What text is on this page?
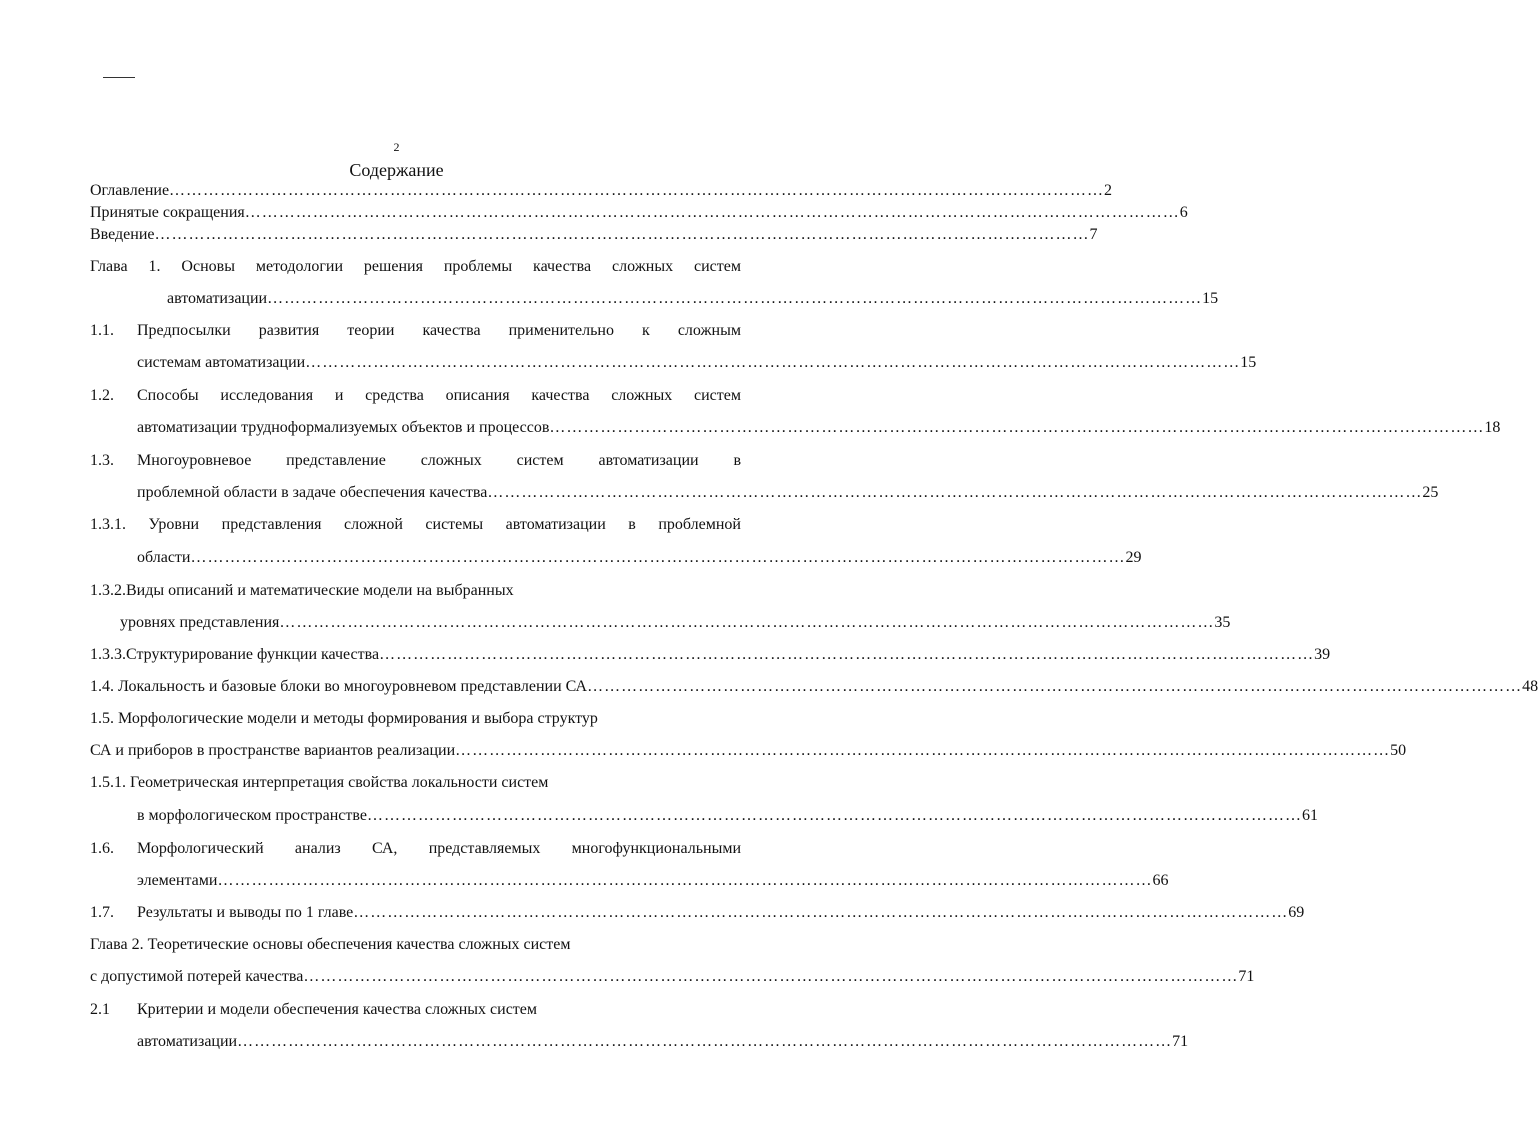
2
Содержание
Оглавление …………………………………………………………………………………………………………………………………………………	2
Принятые сокращения …………………………………………………………………………………………………………………………………………………	6
Введение …………………………………………………………………………………………………………………………………………………	7
Глава 1. Основы методологии решения проблемы качества сложных систем
автоматизации …………………………………………………………………………………………………………………………………………………	15
1.1.	Предпосылки развития теории качества применительно к сложным
системам автоматизации …………………………………………………………………………………………………………………………………………………	15
1.2.	Способы исследования и средства описания качества сложных систем
автоматизации трудноформализуемых объектов и процессов …………………………………………………………………………………………………………………………………………………	18
1.3.	Многоуровневое представление сложных систем автоматизации в
проблемной области в задаче обеспечения качества …………………………………………………………………………………………………………………………………………………	25
1.3.1. Уровни представления сложной системы автоматизации в проблемной
области …………………………………………………………………………………………………………………………………………………	29
1.3.2.Виды описаний и математические модели на выбранных
уровнях представления …………………………………………………………………………………………………………………………………………………	35
1.3.3.Структурирование функции качества …………………………………………………………………………………………………………………………………………………	39
1.4. Локальность и базовые блоки во многоуровневом представлении СА …………………………………………………………………………………………………………………………………………………	48
1.5. Морфологические модели и методы формирования и выбора структур
СА и приборов в пространстве вариантов реализации …………………………………………………………………………………………………………………………………………………	50
1.5.1. Геометрическая интерпретация свойства локальности систем
в морфологическом пространстве …………………………………………………………………………………………………………………………………………………	61
1.6.	Морфологический анализ СА, представляемых многофункциональными
элементами …………………………………………………………………………………………………………………………………………………	66
1.7.	Результаты и выводы по 1 главе …………………………………………………………………………………………………………………………………………………	69
Глава 2. Теоретические основы обеспечения качества сложных систем
с допустимой потерей качества …………………………………………………………………………………………………………………………………………………	71
2.1	Критерии и модели обеспечения качества сложных систем
автоматизации …………………………………………………………………………………………………………………………………………………	71
